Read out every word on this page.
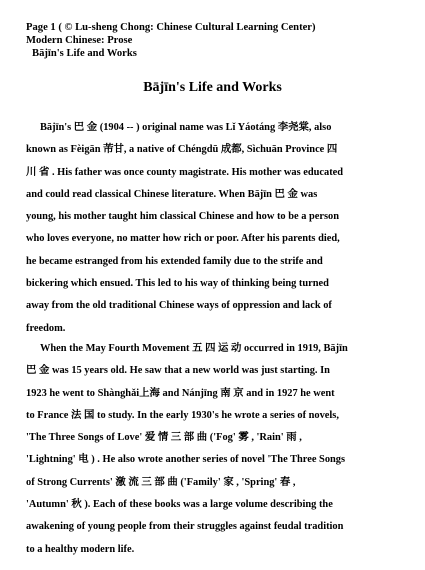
Page 1 ( © Lu-sheng Chong: Chinese Cultural Learning Center)
Modern Chinese: Prose
Bājīn's Life and Works
Bājīn's Life and Works
Bājīn's 巴 金 (1904 -- ) original name was Lǐ Yáotáng 李尧棠, also
known as Fèigān 芾甘, a native of Chéngdū 成都, Sìchuān Province 四
川 省 . His father was once county magistrate. His mother was educated
and could read classical Chinese literature. When Bājīn 巴 金 was
young, his mother taught him classical Chinese and how to be a person
who loves everyone, no matter how rich or poor. After his parents died,
he became estranged from his extended family due to the strife and
bickering which ensued. This led to his way of thinking being turned
away from the old traditional Chinese ways of oppression and lack of
freedom.
When the May Fourth Movement 五 四 运 动 occurred in 1919, Bājīn
巴 金 was 15 years old. He saw that a new world was just starting. In
1923 he went to Shànghǎi上海 and Nánjīng 南 京 and in 1927 he went
to France 法 国 to study. In the early 1930's he wrote a series of novels,
'The Three Songs of Love' 爱 情 三 部 曲 ('Fog' 雾 , 'Rain' 雨 ,
'Lightning' 电 ) . He also wrote another series of novel 'The Three Songs
of Strong Currents' 激 流 三 部 曲 ('Family' 家 , 'Spring' 春 ,
'Autumn' 秋 ). Each of these books was a large volume describing the
awakening of young people from their struggles against feudal tradition
to a healthy modern life.
